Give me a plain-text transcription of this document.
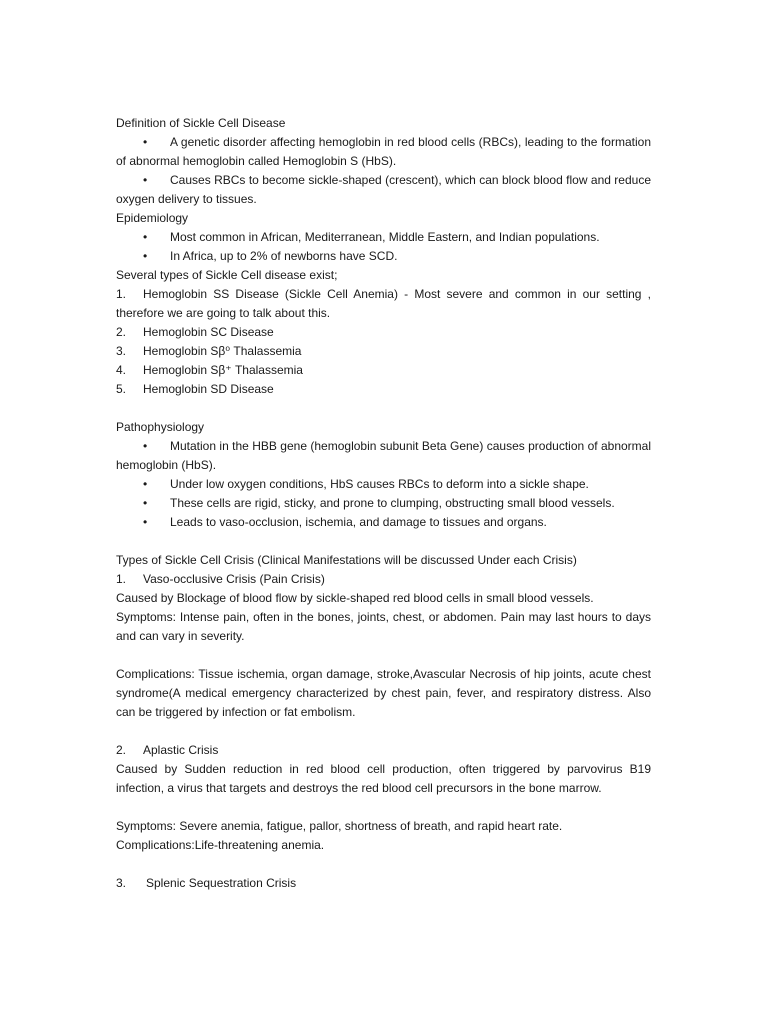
Definition of Sickle Cell Disease

• A genetic disorder affecting hemoglobin in red blood cells (RBCs), leading to the formation of abnormal hemoglobin called Hemoglobin S (HbS).

• Causes RBCs to become sickle-shaped (crescent), which can block blood flow and reduce oxygen delivery to tissues.

Epidemiology

• Most common in African, Mediterranean, Middle Eastern, and Indian populations.

• In Africa, up to 2% of newborns have SCD.

Several types of Sickle Cell disease exist;

1. Hemoglobin SS Disease (Sickle Cell Anemia) - Most severe and common in our setting , therefore we are going to talk about this.

2. Hemoglobin SC Disease

3. Hemoglobin Sβ⁰ Thalassemia

4. Hemoglobin Sβ⁺ Thalassemia

5. Hemoglobin SD Disease

Pathophysiology

• Mutation in the HBB gene (hemoglobin subunit Beta Gene) causes production of abnormal hemoglobin (HbS).

• Under low oxygen conditions, HbS causes RBCs to deform into a sickle shape.

• These cells are rigid, sticky, and prone to clumping, obstructing small blood vessels.

• Leads to vaso-occlusion, ischemia, and damage to tissues and organs.

Types of Sickle Cell Crisis (Clinical Manifestations will be discussed Under each Crisis)

1. Vaso-occlusive Crisis (Pain Crisis)

Caused by Blockage of blood flow by sickle-shaped red blood cells in small blood vessels.

Symptoms: Intense pain, often in the bones, joints, chest, or abdomen. Pain may last hours to days and can vary in severity.

Complications: Tissue ischemia, organ damage, stroke,Avascular Necrosis of hip joints, acute chest syndrome(A medical emergency characterized by chest pain, fever, and respiratory distress. Also can be triggered by infection or fat embolism.

2. Aplastic Crisis

Caused by Sudden reduction in red blood cell production, often triggered by parvovirus B19 infection, a virus that targets and destroys the red blood cell precursors in the bone marrow.

Symptoms: Severe anemia, fatigue, pallor, shortness of breath, and rapid heart rate.

Complications:Life-threatening anemia.

3. Splenic Sequestration Crisis
